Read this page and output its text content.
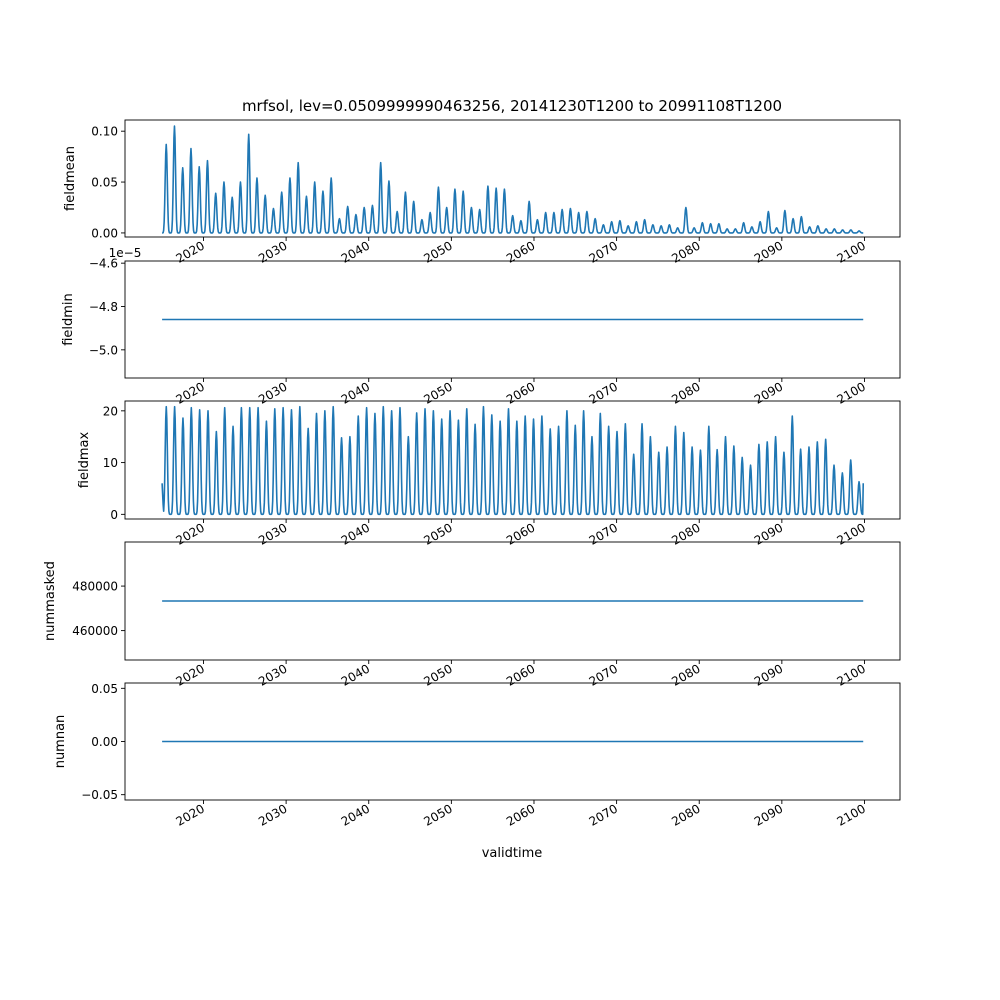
mrfsol, lev=0.0509999990463256, 20141230T1200 to 20991108T1200
validtime
0.00
0.05
0.10
2020	2030	2040	2050	2060	2070	2080	2090	2100
fieldmean
−4.6
−4.8
−5.0
2020	2030	2040	2050	2060	2070	2080	2090	2100
fieldmin
1e−5
0
10
20
2020	2030	2040	2050	2060	2070	2080	2090	2100
fieldmax
460000
480000
2020	2030	2040	2050	2060	2070	2080	2090	2100
nummasked
0.05
0.00
−0.05
2020	2030	2040	2050	2060	2070	2080	2090	2100
numnan
